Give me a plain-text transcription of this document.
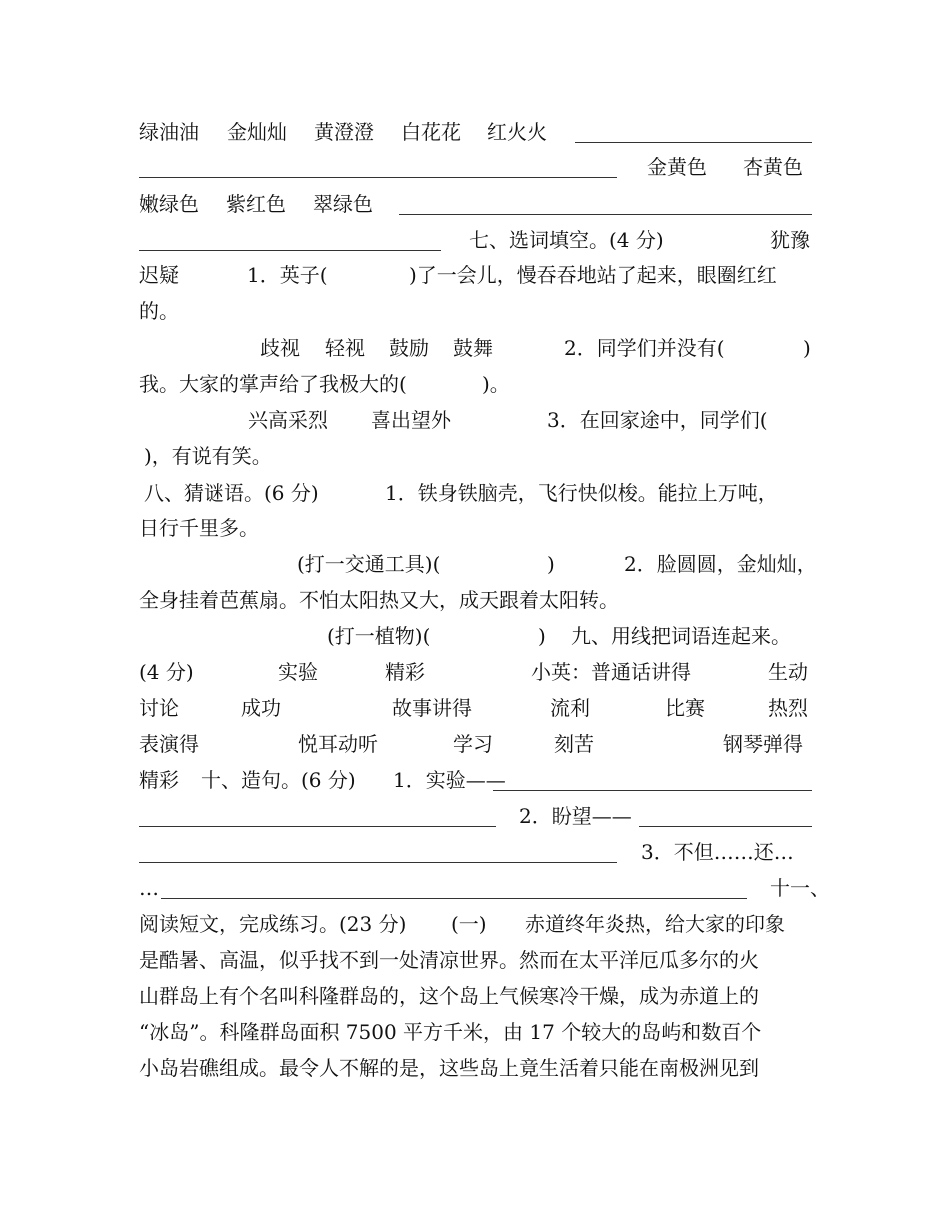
绿油油 金灿灿 黄澄澄 白花花 红火火
金黄色 杏黄色
嫩绿色 紫红色 翠绿色
七、选词填空。(4 分)	犹豫
迟疑	1．英子(	)了一会儿，慢吞吞地站了起来，眼圈红红
的。
歧视 轻视 鼓励 鼓舞	2．同学们并没有(	)
我。大家的掌声给了我极大的(	)。
兴高采烈 喜出望外	3．在回家途中，同学们(
)，有说有笑。
八、猜谜语。(6 分)	1．铁身铁脑壳，飞行快似梭。能拉上万吨，
日行千里多。
(打一交通工具)(	)	2．脸圆圆，金灿灿，
全身挂着芭蕉扇。不怕太阳热又大，成天跟着太阳转。
(打一植物)(	) 九、用线把词语连起来。
(4 分)	实验	精彩	小英：普通话讲得	生动
讨论	成功	故事讲得	流利	比赛	热烈
表演得	悦耳动听	学习	刻苦	钢琴弹得
精彩 十、造句。(6 分) 1．实验——
2．盼望——
3．不但……还…
…	十一、
阅读短文，完成练习。(23 分) (一) 赤道终年炎热，给大家的印象
是酷暑、高温，似乎找不到一处清凉世界。然而在太平洋厄瓜多尔的火
山群岛上有个名叫科隆群岛的，这个岛上气候寒冷干燥，成为赤道上的
“冰岛”。科隆群岛面积 7500 平方千米，由 17 个较大的岛屿和数百个
小岛岩礁组成。最令人不解的是，这些岛上竟生活着只能在南极洲见到
